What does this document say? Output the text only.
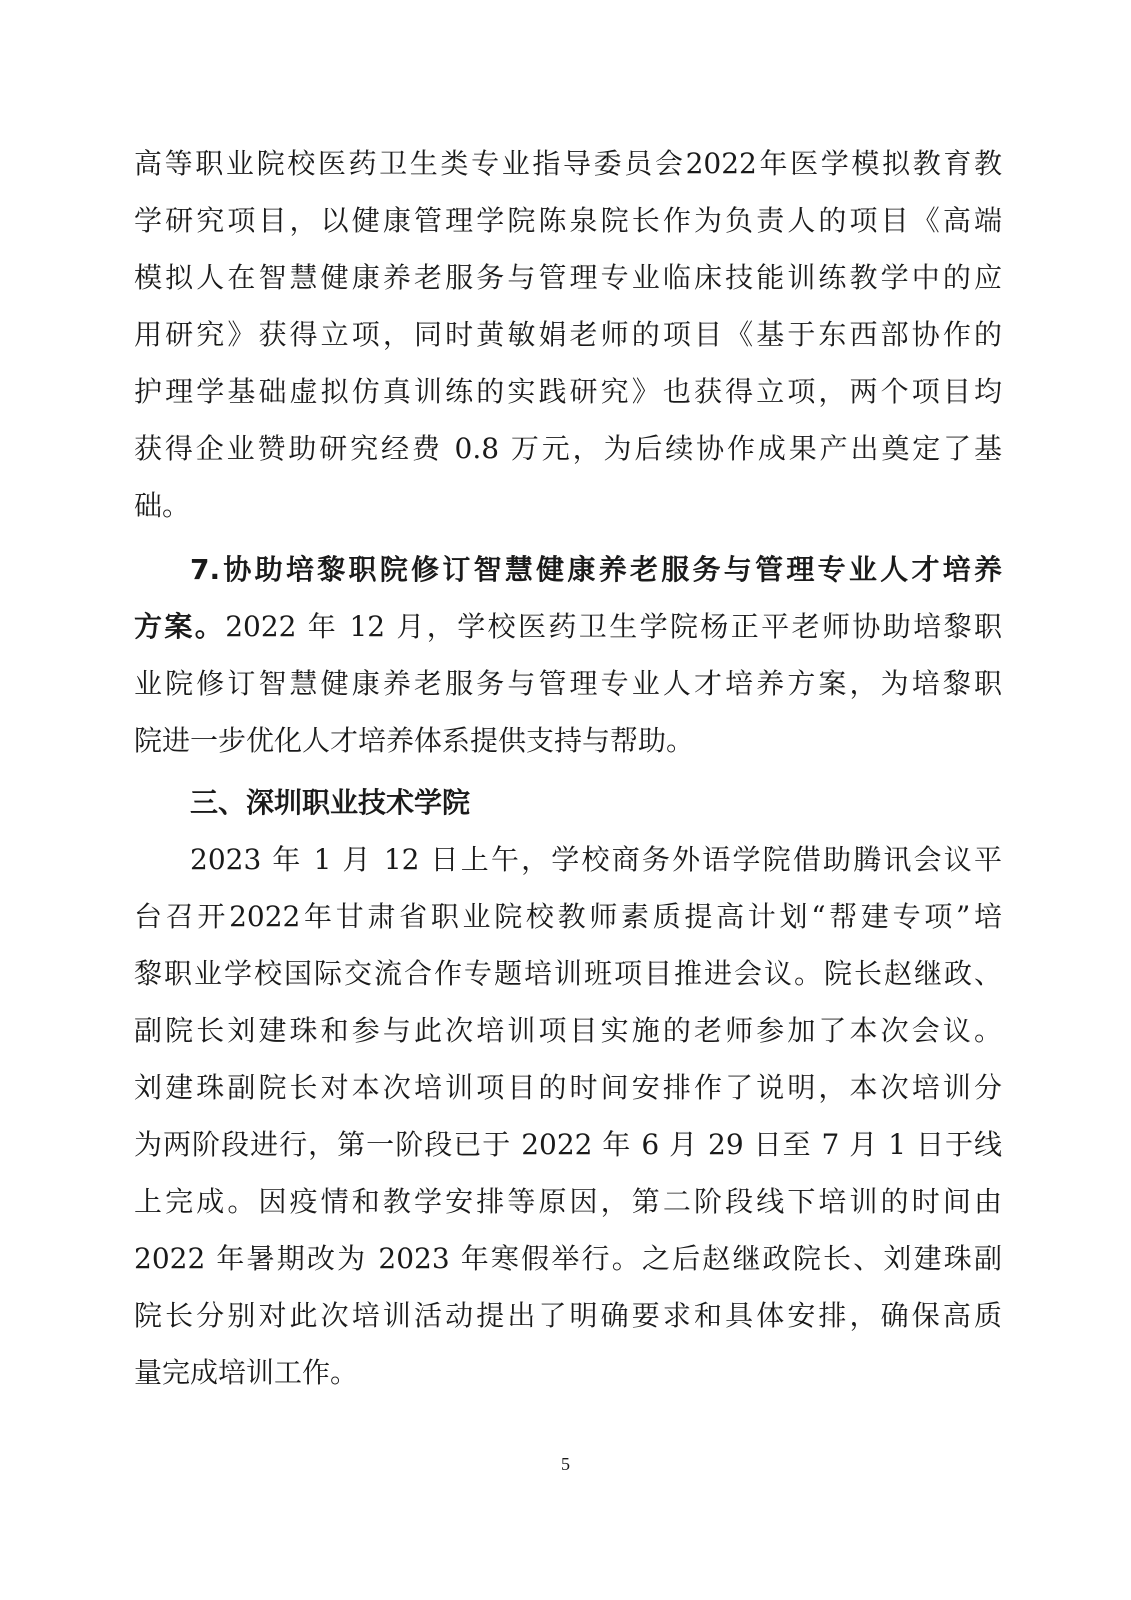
高等职业院校医药卫生类专业指导委员会2022年医学模拟教育教
学研究项目，以健康管理学院陈泉院长作为负责人的项目《高端
模拟人在智慧健康养老服务与管理专业临床技能训练教学中的应
用研究》获得立项，同时黄敏娟老师的项目《基于东西部协作的
护理学基础虚拟仿真训练的实践研究》也获得立项，两个项目均
获得企业赞助研究经费 0.8 万元，为后续协作成果产出奠定了基
础。
7.协助培黎职院修订智慧健康养老服务与管理专业人才培养
方案。2022 年 12 月，学校医药卫生学院杨正平老师协助培黎职
业院修订智慧健康养老服务与管理专业人才培养方案，为培黎职
院进一步优化人才培养体系提供支持与帮助。
三、深圳职业技术学院
2023 年 1 月 12 日上午，学校商务外语学院借助腾讯会议平
台召开2022年甘肃省职业院校教师素质提高计划“帮建专项”培
黎职业学校国际交流合作专题培训班项目推进会议。院长赵继政、
副院长刘建珠和参与此次培训项目实施的老师参加了本次会议。
刘建珠副院长对本次培训项目的时间安排作了说明，本次培训分
为两阶段进行，第一阶段已于 2022 年 6 月 29 日至 7 月 1 日于线
上完成。因疫情和教学安排等原因，第二阶段线下培训的时间由
2022 年暑期改为 2023 年寒假举行。之后赵继政院长、刘建珠副
院长分别对此次培训活动提出了明确要求和具体安排，确保高质
量完成培训工作。
5
